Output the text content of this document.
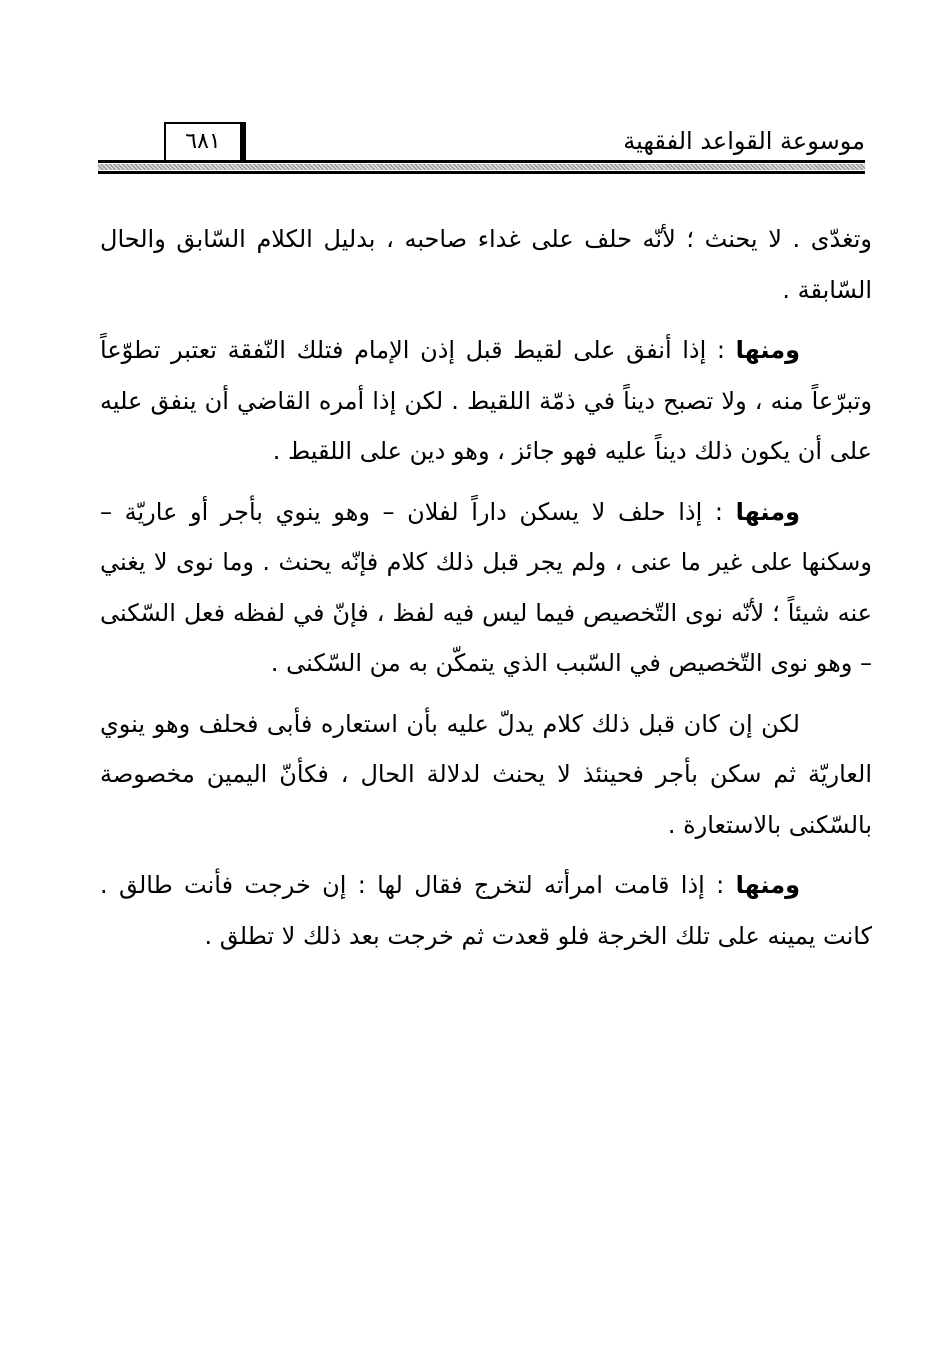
٦٨١	موسوعة القواعد الفقهية

وتغدّى . لا يحنث ؛ لأنّه حلف على غداء صاحبه ، بدليل الكلام السّابق والحال السّابقة .

ومنها : إذا أنفق على لقيط قبل إذن الإمام فتلك النّفقة تعتبر تطوّعاً وتبرّعاً منه ، ولا تصبح ديناً في ذمّة اللقيط . لكن إذا أمره القاضي أن ينفق عليه على أن يكون ذلك ديناً عليه فهو جائز ، وهو دين على اللقيط .

ومنها : إذا حلف لا يسكن داراً لفلان – وهو ينوي بأجر أو عاريّة – وسكنها على غير ما عنى ، ولم يجر قبل ذلك كلام فإنّه يحنث . وما نوى لا يغني عنه شيئاً ؛ لأنّه نوى التّخصيص فيما ليس فيه لفظ ، فإنّ في لفظه فعل السّكنى – وهو نوى التّخصيص في السّبب الذي يتمكّن به من السّكنى .

لكن إن كان قبل ذلك كلام يدلّ عليه بأن استعاره فأبى فحلف وهو ينوي العاريّة ثم سكن بأجر فحينئذ لا يحنث لدلالة الحال ، فكأنّ اليمين مخصوصة بالسّكنى بالاستعارة .

ومنها : إذا قامت امرأته لتخرج فقال لها : إن خرجت فأنت طالق . كانت يمينه على تلك الخرجة فلو قعدت ثم خرجت بعد ذلك لا تطلق .
